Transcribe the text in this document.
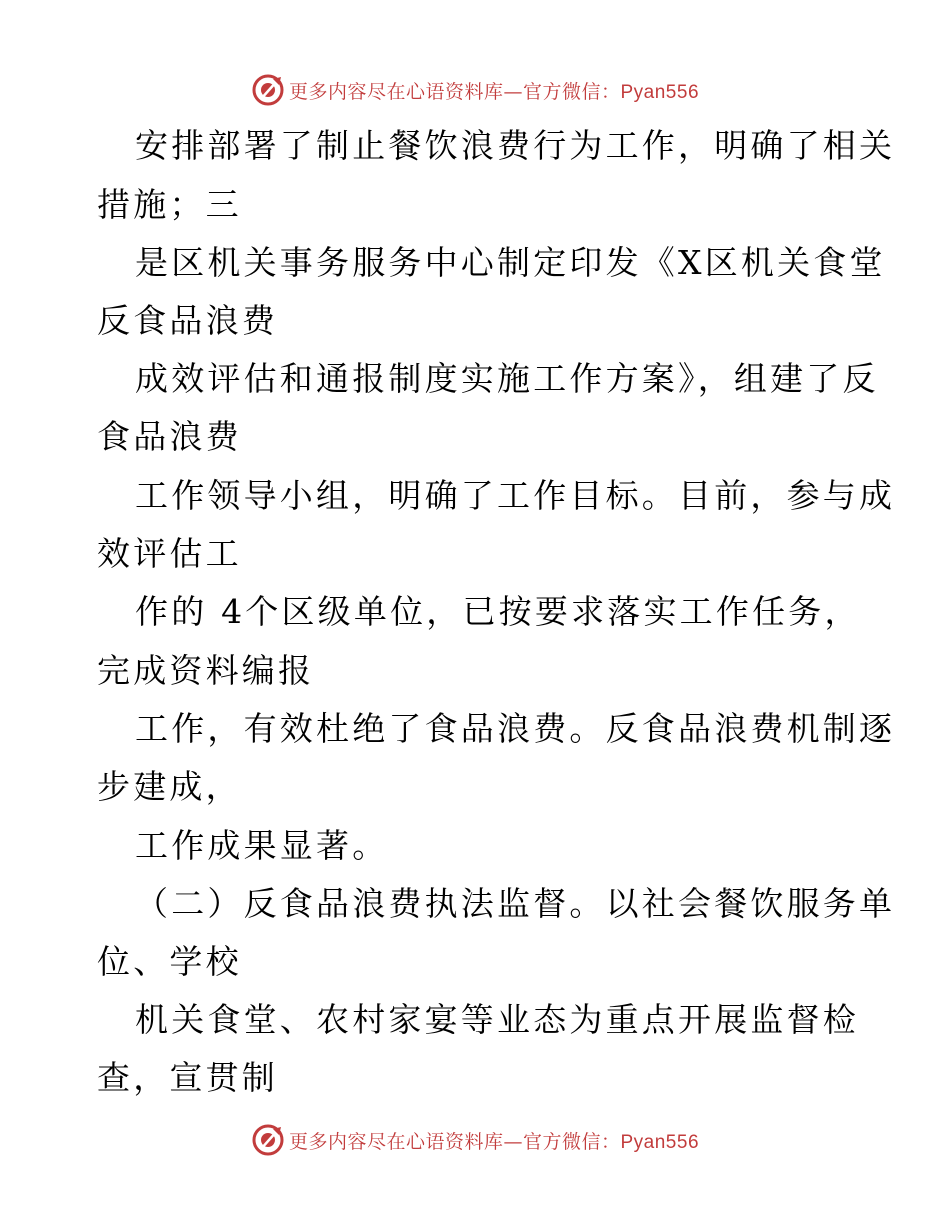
更多内容尽在心语资料库—官方微信：Pyan556
安排部署了制止餐饮浪费行为工作，明确了相关
措施；三
是区机关事务服务中心制定印发《X区机关食堂
反食品浪费
成效评估和通报制度实施工作方案》，组建了反
食品浪费
工作领导小组，明确了工作目标。目前，参与成
效评估工
作的 4个区级单位，已按要求落实工作任务，
完成资料编报
工作，有效杜绝了食品浪费。反食品浪费机制逐
步建成，
工作成果显著。
（二）反食品浪费执法监督。以社会餐饮服务单
位、学校
机关食堂、农村家宴等业态为重点开展监督检
查，宣贯制
更多内容尽在心语资料库—官方微信：Pyan556
